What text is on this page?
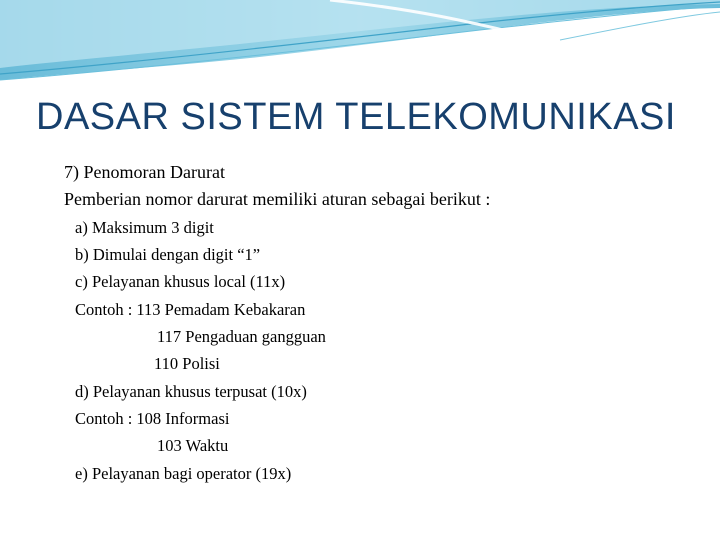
DASAR SISTEM TELEKOMUNIKASI
7) Penomoran Darurat
Pemberian nomor darurat memiliki aturan sebagai berikut :
a) Maksimum 3 digit
b) Dimulai dengan digit “1”
c) Pelayanan khusus local (11x)
Contoh : 113 Pemadam Kebakaran
117 Pengaduan gangguan
110 Polisi
d) Pelayanan khusus terpusat (10x)
Contoh : 108 Informasi
103 Waktu
e) Pelayanan bagi operator (19x)
